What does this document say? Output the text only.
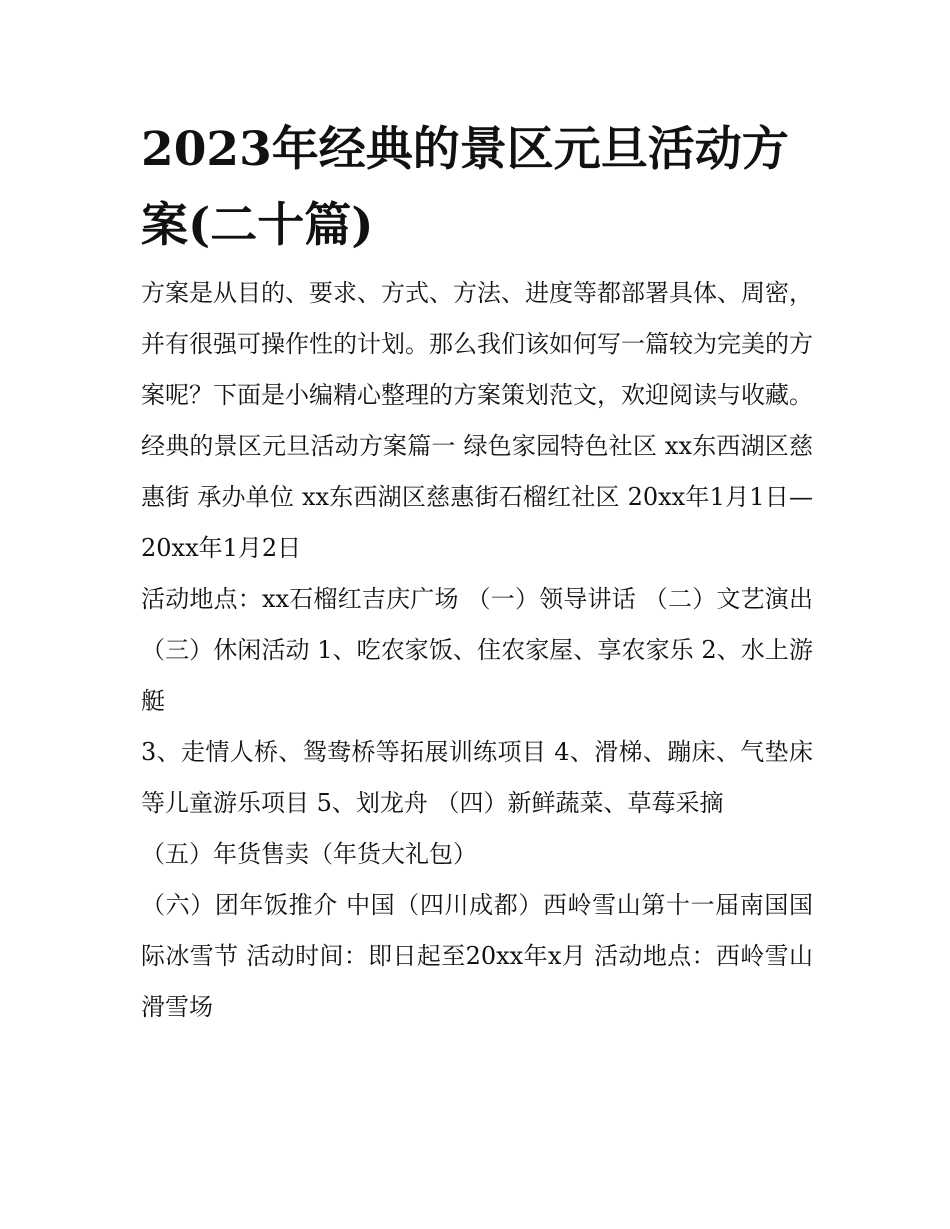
2023年经典的景区元旦活动方案(二十篇)

方案是从目的、要求、方式、方法、进度等都部署具体、周密，并有很强可操作性的计划。那么我们该如何写一篇较为完美的方案呢？下面是小编精心整理的方案策划范文，欢迎阅读与收藏。

经典的景区元旦活动方案篇一 绿色家园特色社区 xx东西湖区慈惠街 承办单位 xx东西湖区慈惠街石榴红社区 20xx年1月1日—20xx年1月2日

活动地点：xx石榴红吉庆广场 （一）领导讲话 （二）文艺演出 （三）休闲活动 1、吃农家饭、住农家屋、享农家乐 2、水上游艇

3、走情人桥、鸳鸯桥等拓展训练项目 4、滑梯、蹦床、气垫床等儿童游乐项目 5、划龙舟 （四）新鲜蔬菜、草莓采摘

（五）年货售卖（年货大礼包）

（六）团年饭推介 中国（四川成都）西岭雪山第十一届南国国际冰雪节 活动时间：即日起至20xx年x月 活动地点：西岭雪山滑雪场
